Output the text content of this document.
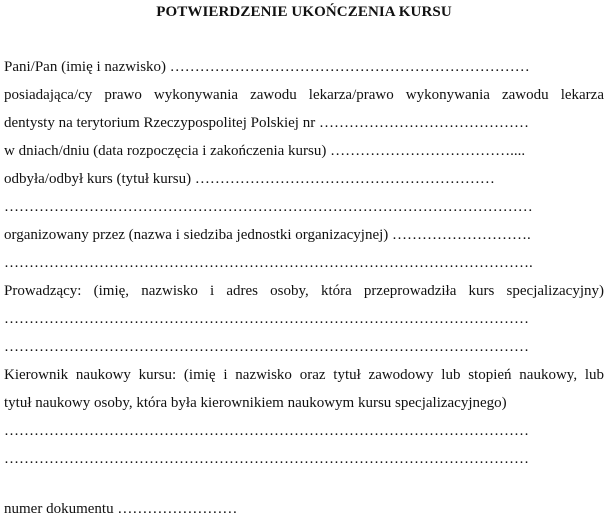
POTWIERDZENIE UKOŃCZENIA KURSU
Pani/Pan (imię i nazwisko) ………………………………………………………………
posiadająca/cy prawo wykonywania zawodu lekarza/prawo wykonywania zawodu lekarza
dentysty na terytorium Rzeczypospolitej Polskiej nr ……………………………………
w dniach/dniu (data rozpoczęcia i zakończenia kursu) ………………………………....
odbyła/odbył kurs (tytuł kursu) ……………………………………………………
………………….…………………………………………………………………………
organizowany przez (nazwa i siedziba jednostki organizacyjnej) ……………………….
…………………………………………………………………………………………….
Prowadzący: (imię, nazwisko i adres osoby, która przeprowadziła kurs specjalizacyjny)
……………………………………………………………………………………………
……………………………………………………………………………………………
Kierownik naukowy kursu: (imię i nazwisko oraz tytuł zawodowy lub stopień naukowy, lub
tytuł naukowy osoby, która była kierownikiem naukowym kursu specjalizacyjnego)
……………………………………………………………………………………………
……………………………………………………………………………………………
numer dokumentu ……………………
